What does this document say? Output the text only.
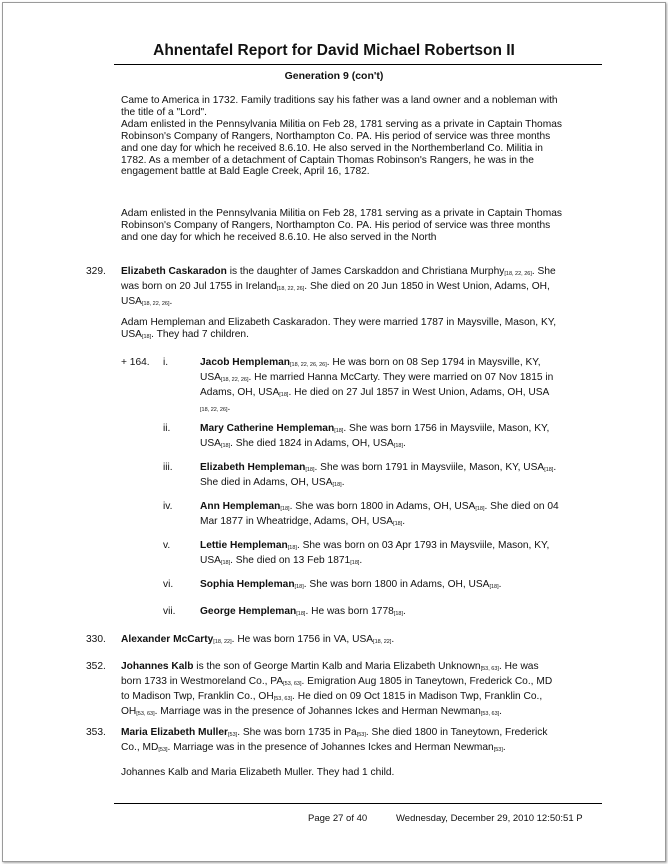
Ahnentafel Report for David Michael Robertson II
Generation 9 (con't)
Came to America in 1732. Family traditions say his father was a land owner and a nobleman with
the title of a "Lord".
Adam enlisted in the Pennsylvania Militia on Feb 28, 1781 serving as a private in Captain Thomas
Robinson's Company of Rangers, Northampton Co. PA. His period of service was three months
and one day for which he received 8.6.10. He also served in the Northemberland Co. Militia in
1782. As a member of a detachment of Captain Thomas Robinson's Rangers, he was in the
engagement battle at Bald Eagle Creek, April 16, 1782.
Adam enlisted in the Pennsylvania Militia on Feb 28, 1781 serving as a private in Captain Thomas
Robinson's Company of Rangers, Northampton Co. PA. His period of service was three months
and one day for which he received 8.6.10. He also served in the North
329. Elizabeth Caskaradon is the daughter of James Carskaddon and Christiana Murphy[18, 22, 26]. She
was born on 20 Jul 1755 in Ireland[18, 22, 26]. She died on 20 Jun 1850 in West Union, Adams, OH,
USA[18, 22, 26].
Adam Hempleman and Elizabeth Caskaradon. They were married 1787 in Maysville, Mason, KY,
USA[18]. They had 7 children.
+ 164. i.	Jacob Hempleman[18, 22, 26, 26]. He was born on 08 Sep 1794 in Maysville, KY,
USA[18, 22, 26]. He married Hanna McCarty. They were married on 07 Nov 1815 in
Adams, OH, USA[18]. He died on 27 Jul 1857 in West Union, Adams, OH, USA
[18, 22, 26].
ii.	Mary Catherine Hempleman[18]. She was born 1756 in Maysviile, Mason, KY,
USA[18]. She died 1824 in Adams, OH, USA[18].
iii.	Elizabeth Hempleman[18]. She was born 1791 in Maysviile, Mason, KY, USA[18].
She died in Adams, OH, USA[18].
iv.	Ann Hempleman[18]. She was born 1800 in Adams, OH, USA[18]. She died on 04
Mar 1877 in Wheatridge, Adams, OH, USA[18].
v.	Lettie Hempleman[18]. She was born on 03 Apr 1793 in Maysviile, Mason, KY,
USA[18]. She died on 13 Feb 1871[18].
vi.	Sophia Hempleman[18]. She was born 1800 in Adams, OH, USA[18].
vii. George Hempleman[18]. He was born 1778[18].
330. Alexander McCarty[18, 22]. He was born 1756 in VA, USA[18, 22].
352. Johannes Kalb is the son of George Martin Kalb and Maria Elizabeth Unknown[53, 63]. He was
born 1733 in Westmoreland Co., PA[53, 63]. Emigration Aug 1805 in Taneytown, Frederick Co., MD
to Madison Twp, Franklin Co., OH[53, 63]. He died on 09 Oct 1815 in Madison Twp, Franklin Co.,
OH[53, 63]. Marriage was in the presence of Johannes Ickes and Herman Newman[53, 63].
353. Maria Elizabeth Muller[53]. She was born 1735 in Pa[53]. She died 1800 in Taneytown, Frederick
Co., MD[53]. Marriage was in the presence of Johannes Ickes and Herman Newman[53].
Johannes Kalb and Maria Elizabeth Muller. They had 1 child.
Page 27 of 40	Wednesday, December 29, 2010 12:50:51 P
